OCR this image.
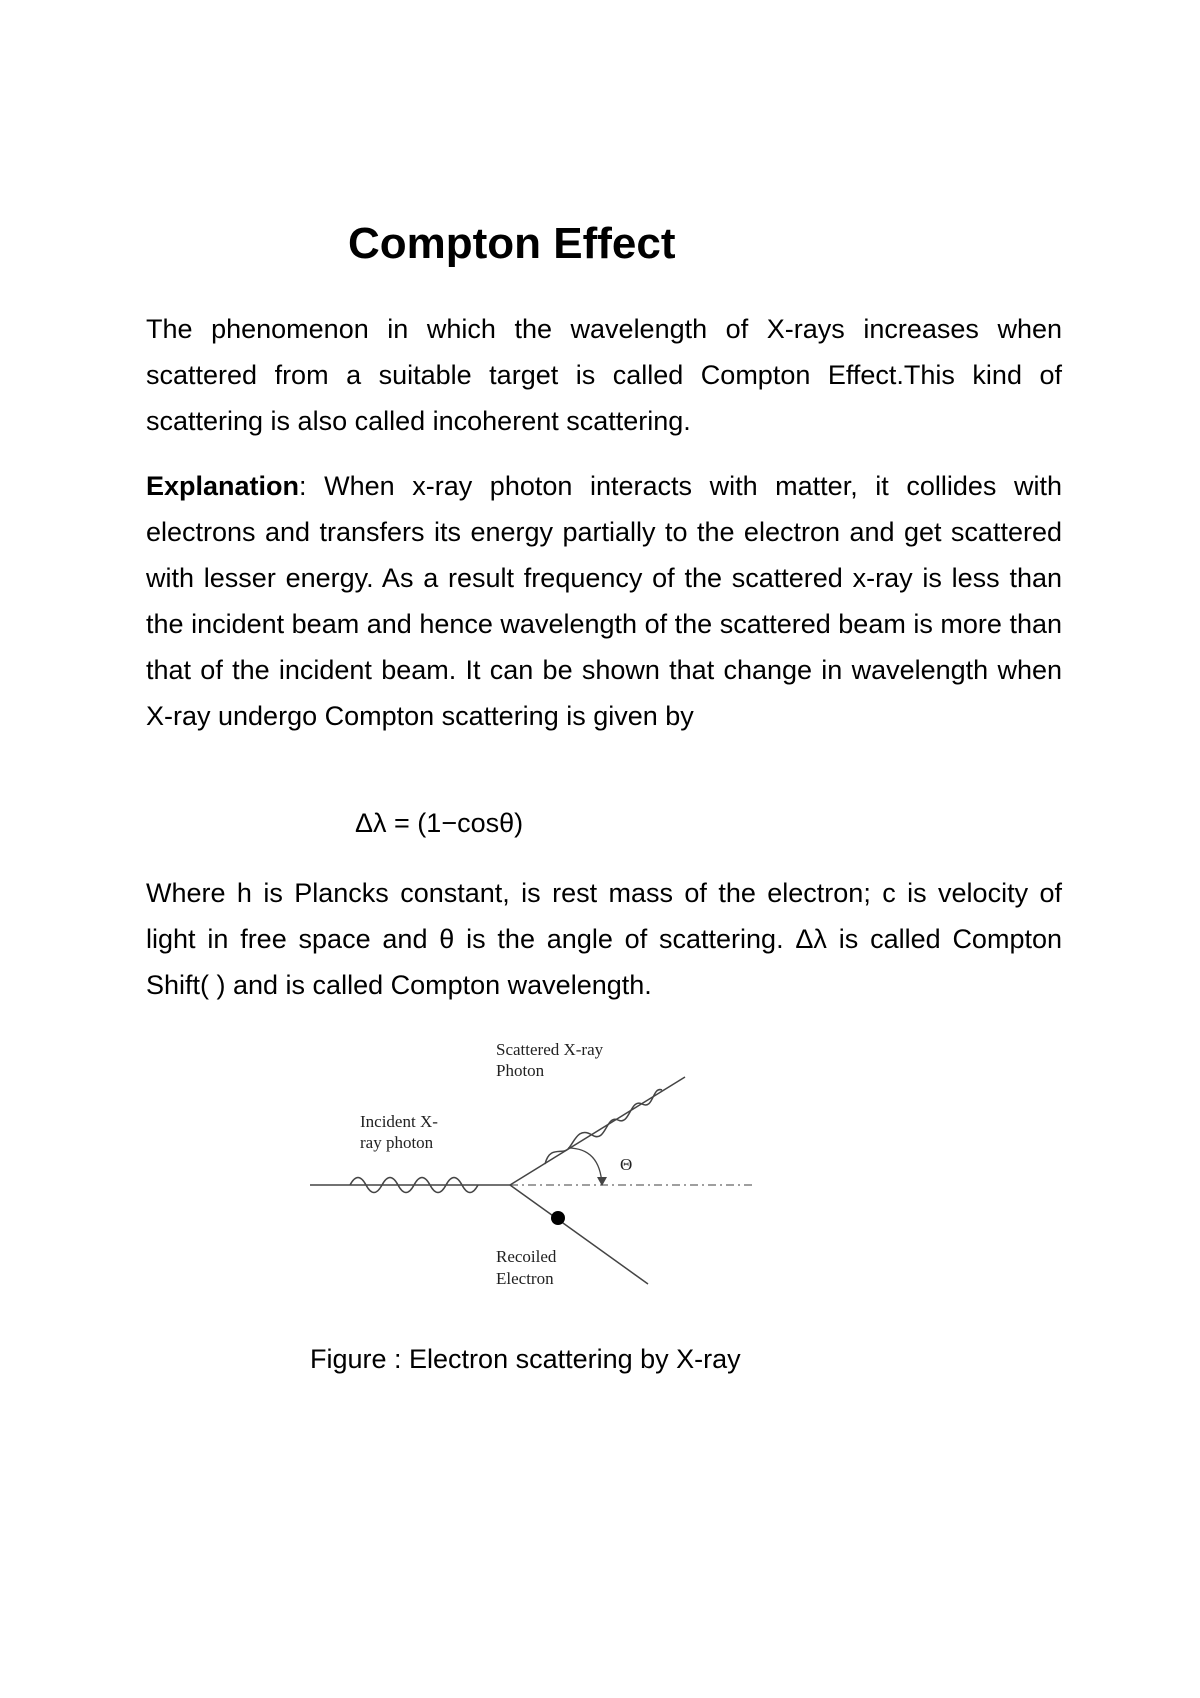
Compton Effect

The phenomenon in which the wavelength of X-rays increases when scattered from a suitable target is called Compton Effect.This kind of scattering is also called incoherent scattering.

Explanation: When x-ray photon interacts with matter, it collides with electrons and transfers its energy partially to the electron and get scattered with lesser energy. As a result frequency of the scattered x-ray is less than the incident beam and hence wavelength of the scattered beam is more than that of the incident beam. It can be shown that change in wavelength when X-ray undergo Compton scattering is given by

Δλ = (1−cosθ)

Where h is Plancks constant, is rest mass of the electron; c is velocity of light in free space and θ is the angle of scattering. Δλ is called Compton Shift( ) and is called Compton wavelength.

Incident X-
ray photon
Scattered X-ray
Photon
Θ
Recoiled
Electron

Figure : Electron scattering by X-ray
